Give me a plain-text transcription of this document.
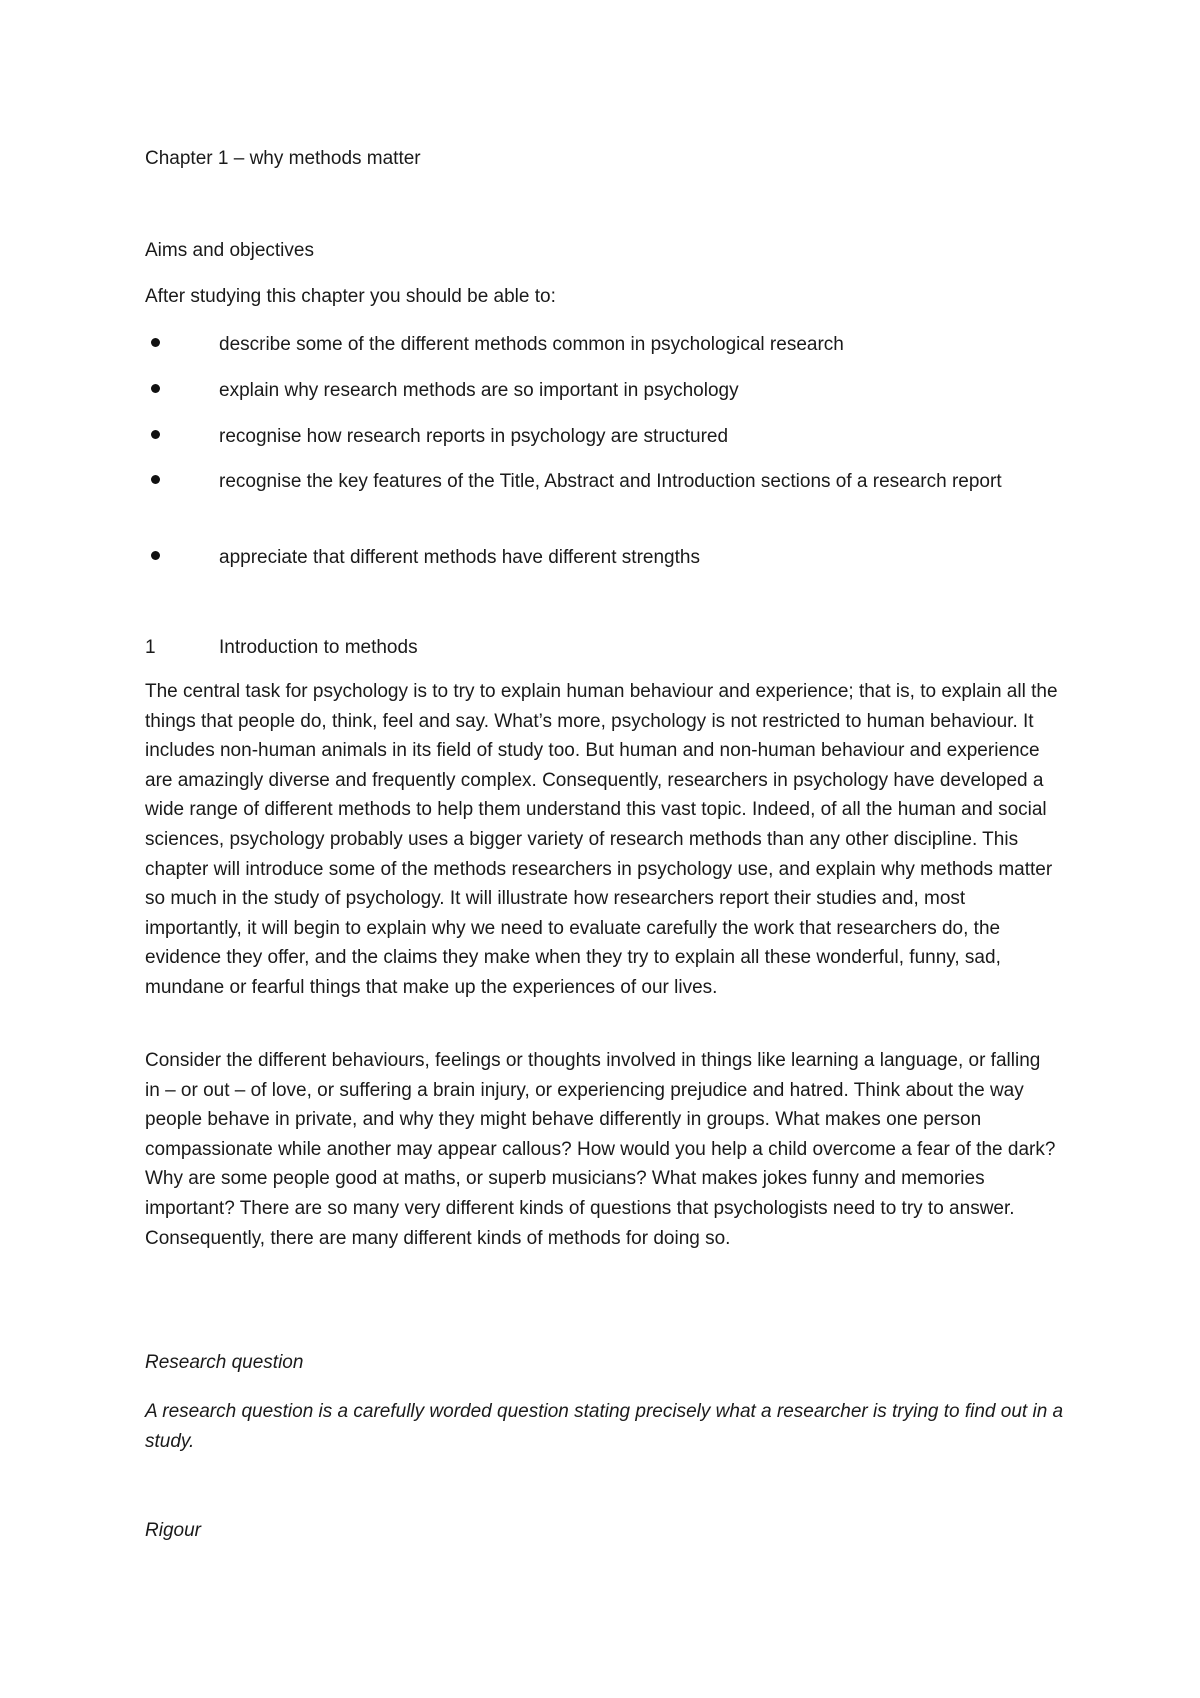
Chapter 1 – why methods matter

Aims and objectives

After studying this chapter you should be able to:

describe some of the different methods common in psychological research
explain why research methods are so important in psychology
recognise how research reports in psychology are structured
recognise the key features of the Title, Abstract and Introduction sections of a research report
appreciate that different methods have different strengths

1	Introduction to methods

The central task for psychology is to try to explain human behaviour and experience; that is, to explain all the things that people do, think, feel and say. What’s more, psychology is not restricted to human behaviour. It includes non-human animals in its field of study too. But human and non-human behaviour and experience are amazingly diverse and frequently complex. Consequently, researchers in psychology have developed a wide range of different methods to help them understand this vast topic. Indeed, of all the human and social sciences, psychology probably uses a bigger variety of research methods than any other discipline. This chapter will introduce some of the methods researchers in psychology use, and explain why methods matter so much in the study of psychology. It will illustrate how researchers report their studies and, most importantly, it will begin to explain why we need to evaluate carefully the work that researchers do, the evidence they offer, and the claims they make when they try to explain all these wonderful, funny, sad, mundane or fearful things that make up the experiences of our lives.

Consider the different behaviours, feelings or thoughts involved in things like learning a language, or falling in – or out – of love, or suffering a brain injury, or experiencing prejudice and hatred. Think about the way people behave in private, and why they might behave differently in groups. What makes one person compassionate while another may appear callous? How would you help a child overcome a fear of the dark? Why are some people good at maths, or superb musicians? What makes jokes funny and memories important? There are so many very different kinds of questions that psychologists need to try to answer. Consequently, there are many different kinds of methods for doing so.

Research question

A research question is a carefully worded question stating precisely what a researcher is trying to find out in a study.

Rigour
